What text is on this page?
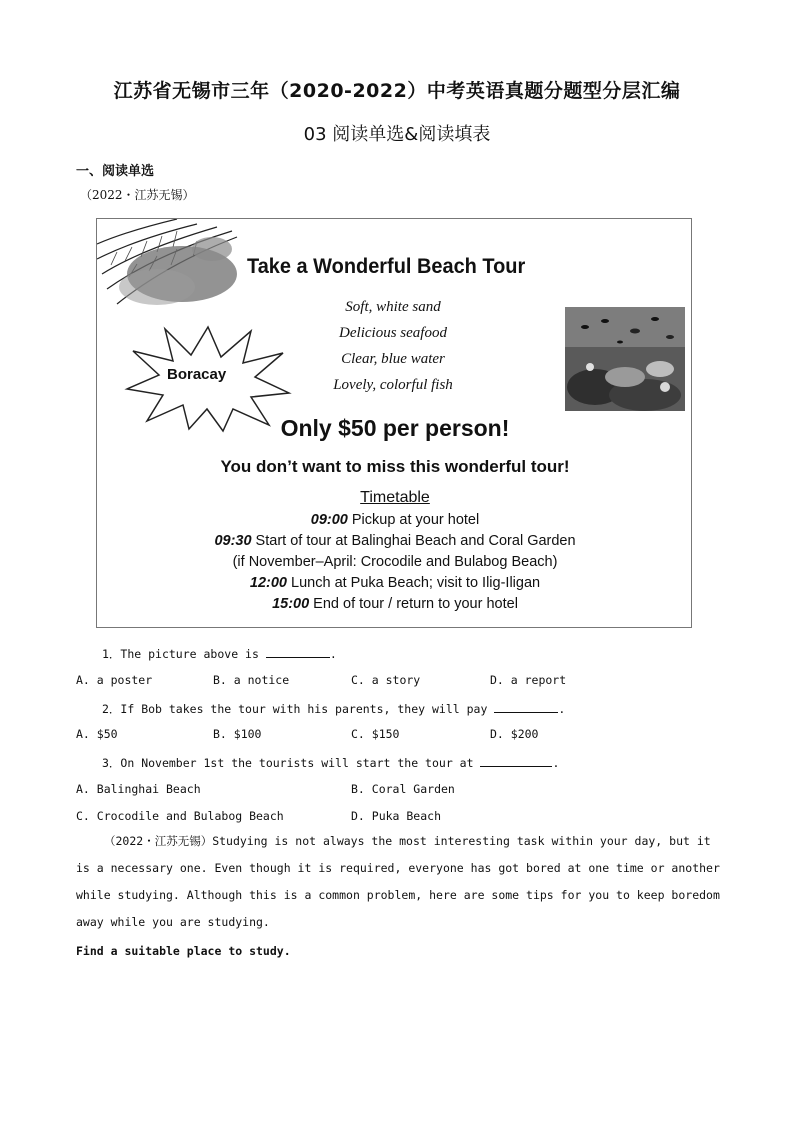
江苏省无锡市三年（2020-2022）中考英语真题分题型分层汇编
03 阅读单选&阅读填表
一、阅读单选
（2022・江苏无锡）
Take a Wonderful Beach Tour
Soft, white sand
Delicious seafood
Clear, blue water
Lovely, colorful fish
Boracay
Only $50 per person!
You don’t want to miss this wonderful tour!
Timetable
09:00 Pickup at your hotel
09:30 Start of tour at Balinghai Beach and Coral Garden
(if November–April: Crocodile and Bulabog Beach)
12:00 Lunch at Puka Beach; visit to Ilig-Iligan
15:00 End of tour / return to your hotel
1．The picture above is	.
A. a poster	B. a notice	C. a story	D. a report
2．If Bob takes the tour with his parents, they will pay	.
A. $50	B. $100	C. $150	D. $200
3．On November 1st the tourists will start the tour at	.
A. Balinghai Beach	B. Coral Garden
C. Crocodile and Bulabog Beach	D. Puka Beach
（2022・江苏无锡）Studying is not always the most interesting task within your day, but it is a necessary one. Even though it is required, everyone has got bored at one time or another while studying. Although this is a common problem, here are some tips for you to keep boredom away while you are studying.
Find a suitable place to study.
